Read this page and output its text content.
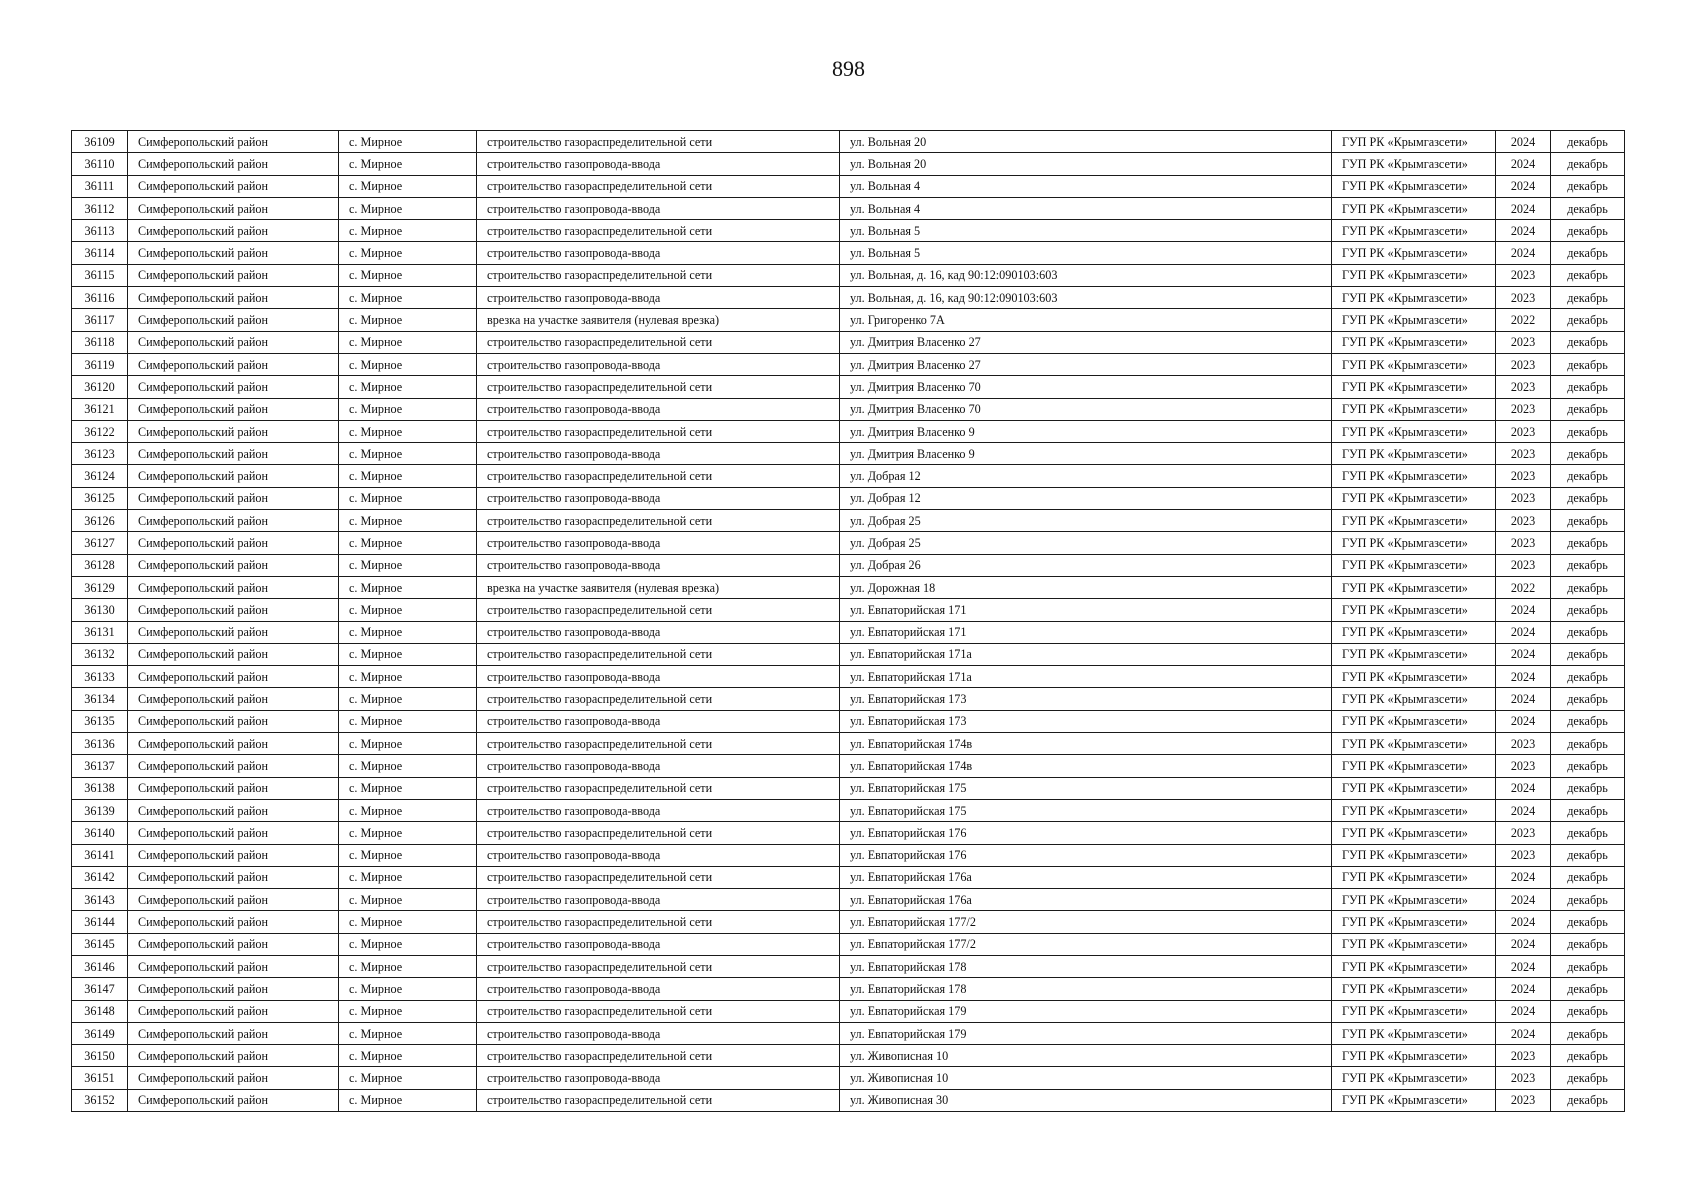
898
36109	Симферопольский район	с. Мирное	строительство газораспределительной сети	ул. Вольная 20	ГУП РК «Крымгазсети»	2024	декабрь
36110	Симферопольский район	с. Мирное	строительство газопровода-ввода	ул. Вольная 20	ГУП РК «Крымгазсети»	2024	декабрь
36111	Симферопольский район	с. Мирное	строительство газораспределительной сети	ул. Вольная 4	ГУП РК «Крымгазсети»	2024	декабрь
36112	Симферопольский район	с. Мирное	строительство газопровода-ввода	ул. Вольная 4	ГУП РК «Крымгазсети»	2024	декабрь
36113	Симферопольский район	с. Мирное	строительство газораспределительной сети	ул. Вольная 5	ГУП РК «Крымгазсети»	2024	декабрь
36114	Симферопольский район	с. Мирное	строительство газопровода-ввода	ул. Вольная 5	ГУП РК «Крымгазсети»	2024	декабрь
36115	Симферопольский район	с. Мирное	строительство газораспределительной сети	ул. Вольная, д. 16, кад 90:12:090103:603	ГУП РК «Крымгазсети»	2023	декабрь
36116	Симферопольский район	с. Мирное	строительство газопровода-ввода	ул. Вольная, д. 16, кад 90:12:090103:603	ГУП РК «Крымгазсети»	2023	декабрь
36117	Симферопольский район	с. Мирное	врезка на участке заявителя (нулевая врезка)	ул. Григоренко 7А	ГУП РК «Крымгазсети»	2022	декабрь
36118	Симферопольский район	с. Мирное	строительство газораспределительной сети	ул. Дмитрия Власенко 27	ГУП РК «Крымгазсети»	2023	декабрь
36119	Симферопольский район	с. Мирное	строительство газопровода-ввода	ул. Дмитрия Власенко 27	ГУП РК «Крымгазсети»	2023	декабрь
36120	Симферопольский район	с. Мирное	строительство газораспределительной сети	ул. Дмитрия Власенко 70	ГУП РК «Крымгазсети»	2023	декабрь
36121	Симферопольский район	с. Мирное	строительство газопровода-ввода	ул. Дмитрия Власенко 70	ГУП РК «Крымгазсети»	2023	декабрь
36122	Симферопольский район	с. Мирное	строительство газораспределительной сети	ул. Дмитрия Власенко 9	ГУП РК «Крымгазсети»	2023	декабрь
36123	Симферопольский район	с. Мирное	строительство газопровода-ввода	ул. Дмитрия Власенко 9	ГУП РК «Крымгазсети»	2023	декабрь
36124	Симферопольский район	с. Мирное	строительство газораспределительной сети	ул. Добрая 12	ГУП РК «Крымгазсети»	2023	декабрь
36125	Симферопольский район	с. Мирное	строительство газопровода-ввода	ул. Добрая 12	ГУП РК «Крымгазсети»	2023	декабрь
36126	Симферопольский район	с. Мирное	строительство газораспределительной сети	ул. Добрая 25	ГУП РК «Крымгазсети»	2023	декабрь
36127	Симферопольский район	с. Мирное	строительство газопровода-ввода	ул. Добрая 25	ГУП РК «Крымгазсети»	2023	декабрь
36128	Симферопольский район	с. Мирное	строительство газопровода-ввода	ул. Добрая 26	ГУП РК «Крымгазсети»	2023	декабрь
36129	Симферопольский район	с. Мирное	врезка на участке заявителя (нулевая врезка)	ул. Дорожная 18	ГУП РК «Крымгазсети»	2022	декабрь
36130	Симферопольский район	с. Мирное	строительство газораспределительной сети	ул. Евпаторийская 171	ГУП РК «Крымгазсети»	2024	декабрь
36131	Симферопольский район	с. Мирное	строительство газопровода-ввода	ул. Евпаторийская 171	ГУП РК «Крымгазсети»	2024	декабрь
36132	Симферопольский район	с. Мирное	строительство газораспределительной сети	ул. Евпаторийская 171а	ГУП РК «Крымгазсети»	2024	декабрь
36133	Симферопольский район	с. Мирное	строительство газопровода-ввода	ул. Евпаторийская 171а	ГУП РК «Крымгазсети»	2024	декабрь
36134	Симферопольский район	с. Мирное	строительство газораспределительной сети	ул. Евпаторийская 173	ГУП РК «Крымгазсети»	2024	декабрь
36135	Симферопольский район	с. Мирное	строительство газопровода-ввода	ул. Евпаторийская 173	ГУП РК «Крымгазсети»	2024	декабрь
36136	Симферопольский район	с. Мирное	строительство газораспределительной сети	ул. Евпаторийская 174в	ГУП РК «Крымгазсети»	2023	декабрь
36137	Симферопольский район	с. Мирное	строительство газопровода-ввода	ул. Евпаторийская 174в	ГУП РК «Крымгазсети»	2023	декабрь
36138	Симферопольский район	с. Мирное	строительство газораспределительной сети	ул. Евпаторийская 175	ГУП РК «Крымгазсети»	2024	декабрь
36139	Симферопольский район	с. Мирное	строительство газопровода-ввода	ул. Евпаторийская 175	ГУП РК «Крымгазсети»	2024	декабрь
36140	Симферопольский район	с. Мирное	строительство газораспределительной сети	ул. Евпаторийская 176	ГУП РК «Крымгазсети»	2023	декабрь
36141	Симферопольский район	с. Мирное	строительство газопровода-ввода	ул. Евпаторийская 176	ГУП РК «Крымгазсети»	2023	декабрь
36142	Симферопольский район	с. Мирное	строительство газораспределительной сети	ул. Евпаторийская 176а	ГУП РК «Крымгазсети»	2024	декабрь
36143	Симферопольский район	с. Мирное	строительство газопровода-ввода	ул. Евпаторийская 176а	ГУП РК «Крымгазсети»	2024	декабрь
36144	Симферопольский район	с. Мирное	строительство газораспределительной сети	ул. Евпаторийская 177/2	ГУП РК «Крымгазсети»	2024	декабрь
36145	Симферопольский район	с. Мирное	строительство газопровода-ввода	ул. Евпаторийская 177/2	ГУП РК «Крымгазсети»	2024	декабрь
36146	Симферопольский район	с. Мирное	строительство газораспределительной сети	ул. Евпаторийская 178	ГУП РК «Крымгазсети»	2024	декабрь
36147	Симферопольский район	с. Мирное	строительство газопровода-ввода	ул. Евпаторийская 178	ГУП РК «Крымгазсети»	2024	декабрь
36148	Симферопольский район	с. Мирное	строительство газораспределительной сети	ул. Евпаторийская 179	ГУП РК «Крымгазсети»	2024	декабрь
36149	Симферопольский район	с. Мирное	строительство газопровода-ввода	ул. Евпаторийская 179	ГУП РК «Крымгазсети»	2024	декабрь
36150	Симферопольский район	с. Мирное	строительство газораспределительной сети	ул. Живописная 10	ГУП РК «Крымгазсети»	2023	декабрь
36151	Симферопольский район	с. Мирное	строительство газопровода-ввода	ул. Живописная 10	ГУП РК «Крымгазсети»	2023	декабрь
36152	Симферопольский район	с. Мирное	строительство газораспределительной сети	ул. Живописная 30	ГУП РК «Крымгазсети»	2023	декабрь
